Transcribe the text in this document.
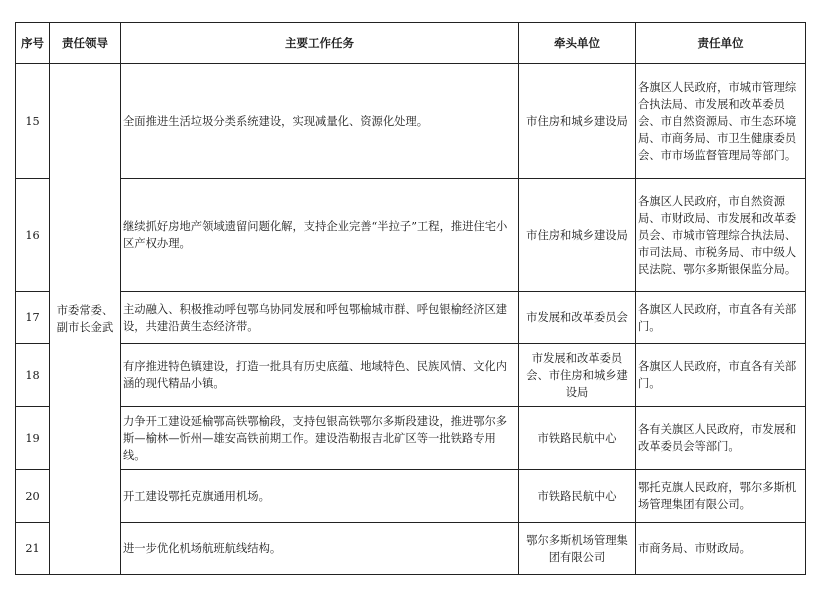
序号	责任领导	主要工作任务	牵头单位	责任单位
15	市委常委、副市长金武	全面推进生活垃圾分类系统建设，实现减量化、资源化处理。	市住房和城乡建设局	各旗区人民政府，市城市管理综合执法局、市发展和改革委员会、市自然资源局、市生态环境局、市商务局、市卫生健康委员会、市市场监督管理局等部门。
16		继续抓好房地产领域遗留问题化解，支持企业完善“半拉子”工程，推进住宅小区产权办理。	市住房和城乡建设局	各旗区人民政府，市自然资源局、市财政局、市发展和改革委员会、市城市管理综合执法局、市司法局、市税务局、市中级人民法院、鄂尔多斯银保监分局。
17		主动融入、积极推动呼包鄂乌协同发展和呼包鄂榆城市群、呼包银榆经济区建设，共建沿黄生态经济带。	市发展和改革委员会	各旗区人民政府，市直各有关部门。
18		有序推进特色镇建设，打造一批具有历史底蕴、地域特色、民族风情、文化内涵的现代精品小镇。	市发展和改革委员会、市住房和城乡建设局	各旗区人民政府，市直各有关部门。
19		力争开工建设延榆鄂高铁鄂榆段，支持包银高铁鄂尔多斯段建设，推进鄂尔多斯—榆林—忻州—雄安高铁前期工作。建设浩勒报吉北矿区等一批铁路专用线。	市铁路民航中心	各有关旗区人民政府，市发展和改革委员会等部门。
20		开工建设鄂托克旗通用机场。	市铁路民航中心	鄂托克旗人民政府，鄂尔多斯机场管理集团有限公司。
21		进一步优化机场航班航线结构。	鄂尔多斯机场管理集团有限公司	市商务局、市财政局。
